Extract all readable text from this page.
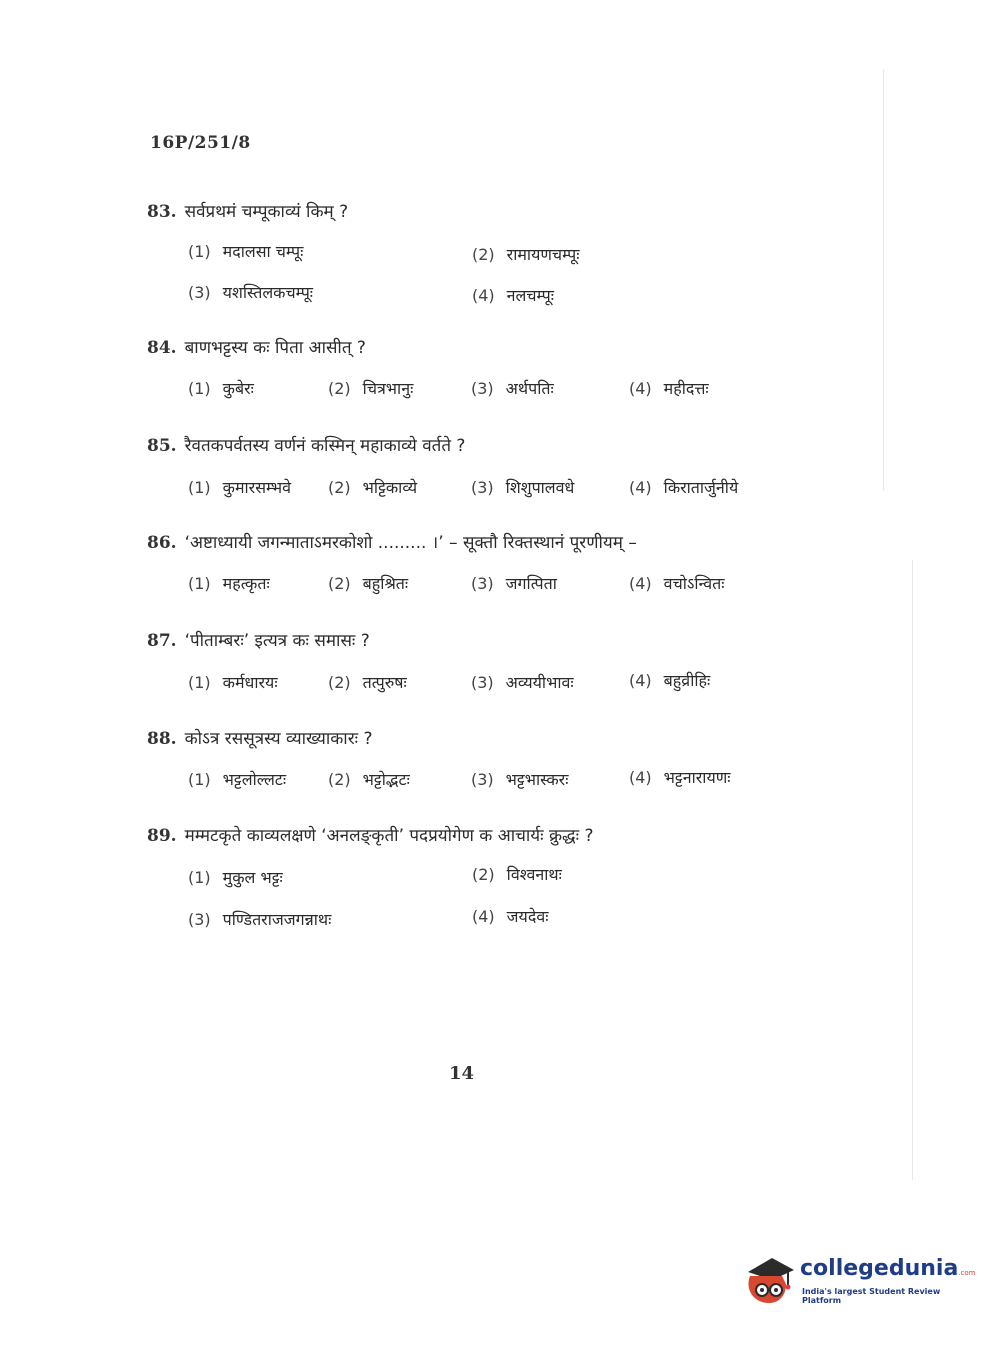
16P/251/8
83. सर्वप्रथमं चम्पूकाव्यं किम् ?
(1) मदालसा चम्पूः	(2) रामायणचम्पूः
(3) यशस्तिलकचम्पूः	(4) नलचम्पूः
84. बाणभट्टस्य कः पिता आसीत् ?
(1) कुबेरः	(2) चित्रभानुः	(3) अर्थपतिः	(4) महीदत्तः
85. रैवतकपर्वतस्य वर्णनं कस्मिन् महाकाव्ये वर्तते ?
(1) कुमारसम्भवे (2) भट्टिकाव्ये	(3) शिशुपालवधे	(4) किरातार्जुनीये
86. ‘अष्टाध्यायी जगन्माताऽमरकोशो ......... ।’ – सूक्तौ रिक्तस्थानं पूरणीयम् –
(1) महत्कृतः	(2) बहुश्रितः	(3) जगत्पिता	(4) वचोऽन्वितः
87. ‘पीताम्बरः’ इत्यत्र कः समासः ?
(1) कर्मधारयः	(2) तत्पुरुषः	(3) अव्ययीभावः	(4) बहुव्रीहिः
88. कोऽत्र रससूत्रस्य व्याख्याकारः ?
(1) भट्टलोल्लटः	(2) भट्टोद्भटः	(3) भट्टभास्करः	(4) भट्टनारायणः
89. मम्मटकृते काव्यलक्षणे ‘अनलङ्कृती’ पदप्रयोगेण क आचार्यः क्रुद्धः ?
(1) मुकुल भट्टः	(2) विश्वनाथः
(3) पण्डितराजजगन्नाथः	(4) जयदेवः
14
collegedunia.com
India's largest Student Review Platform
